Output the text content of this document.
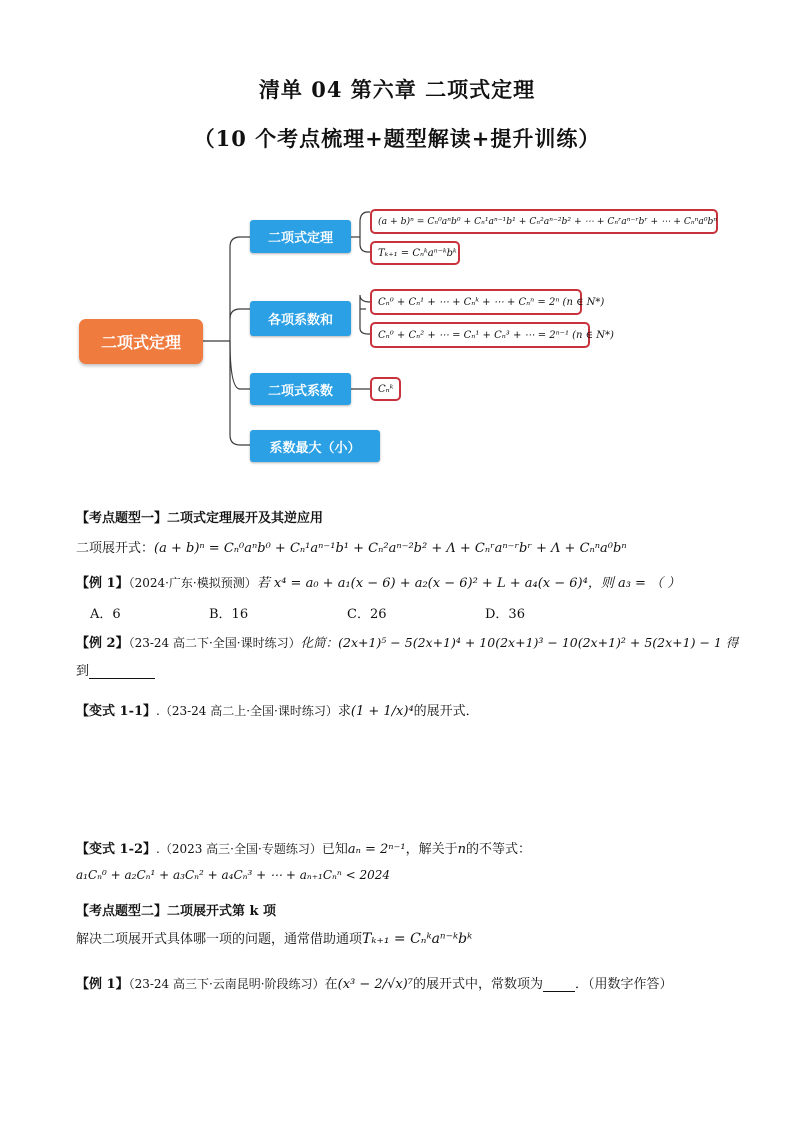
清单 04 第六章 二项式定理
（10 个考点梳理+题型解读+提升训练）
二项式定理
二项式定理
各项系数和
二项式系数
系数最大（小）
(a + b)ⁿ = Cₙ⁰aⁿb⁰ + Cₙ¹aⁿ⁻¹b¹ + Cₙ²aⁿ⁻²b² + ⋯ + Cₙʳaⁿ⁻ʳbʳ + ⋯ + Cₙⁿa⁰bⁿ
Tₖ₊₁ = Cₙᵏaⁿ⁻ᵏbᵏ
Cₙ⁰ + Cₙ¹ + ⋯ + Cₙᵏ + ⋯ + Cₙⁿ = 2ⁿ (n ∈ N*)
Cₙ⁰ + Cₙ² + ⋯ = Cₙ¹ + Cₙ³ + ⋯ = 2ⁿ⁻¹ (n ∈ N*)
Cₙᵏ
【考点题型一】二项式定理展开及其逆应用
二项展开式：(a + b)ⁿ = Cₙ⁰aⁿb⁰ + Cₙ¹aⁿ⁻¹b¹ + Cₙ²aⁿ⁻²b² + Λ + Cₙʳaⁿ⁻ʳbʳ + Λ + Cₙⁿa⁰bⁿ
【例 1】（2024·广东·模拟预测）若 x⁴ = a₀ + a₁(x − 6) + a₂(x − 6)² + L + a₄(x − 6)⁴，则 a₃ = （ ）
A．6	B．16	C．26	D．36
【例 2】（23-24 高二下·全国·课时练习）化简：(2x+1)⁵ − 5(2x+1)⁴ + 10(2x+1)³ − 10(2x+1)² + 5(2x+1) − 1 得
到
【变式 1-1】.（23-24 高二上·全国·课时练习）求(1 + 1/x)⁴的展开式．
【变式 1-2】.（2023 高三·全国·专题练习）已知aₙ = 2ⁿ⁻¹，解关于n的不等式：
a₁Cₙ⁰ + a₂Cₙ¹ + a₃Cₙ² + a₄Cₙ³ + ⋯ + aₙ₊₁Cₙⁿ < 2024
【考点题型二】二项展开式第 k 项
解决二项展开式具体哪一项的问题，通常借助通项Tₖ₊₁ = Cₙᵏaⁿ⁻ᵏbᵏ
【例 1】（23-24 高三下·云南昆明·阶段练习）在(x³ − 2/√x)⁷的展开式中，常数项为 ．（用数字作答）
